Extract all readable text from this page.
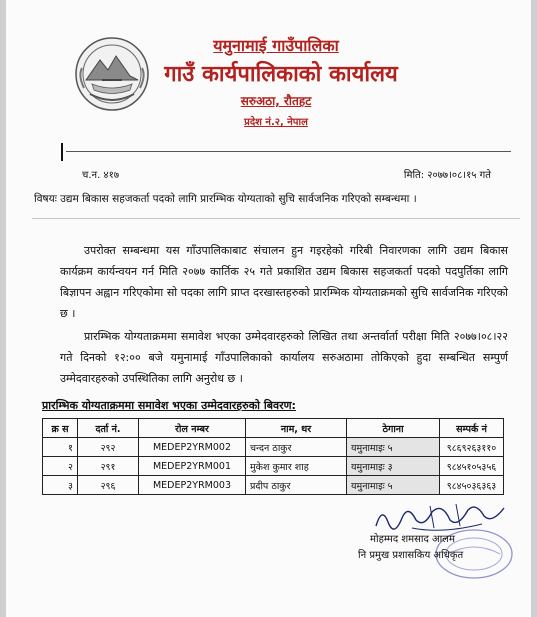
यमुनामाई गाउँपालिका
गाउँ कार्यपालिकाको कार्यालय
सरुअठा, रौतहट
प्रदेश नं.२, नेपाल
च.न. ४१७	मिति: २०७७।०८।१५ गते
विषयः उद्यम बिकास सहजकर्ता पदको लागि प्रारम्भिक योग्यताको सुचि सार्वजनिक गरिएको सम्बन्धमा ।

उपरोक्त सम्बन्धमा यस गाँउपालिकाबाट संचालन हुन गइरहेको गरिबी निवारणका लागि उद्यम बिकास कार्यक्रम कार्यन्वयन गर्न मिति २०७७ कार्तिक २५ गते प्रकाशित उद्यम बिकास सहजकर्ता पदको पदपुर्तिका लागि बिज्ञापन अह्वान गरिएकोमा सो पदका लागि प्राप्त दरखास्तहरुको प्रारम्भिक योग्यताक्रमको सुचि सार्वजनिक गरिएको छ ।

प्रारम्भिक योग्यताक्रममा समावेश भएका उम्मेदवारहरुको लिखित तथा अन्तर्वार्ता परीक्षा मिति २०७७।०८।२२ गते दिनको १२:०० बजे यमुनामाई गाँउपालिकाको कार्यालय सरुअठामा तोकिएको हुदा सम्बन्धित सम्पुर्ण उम्मेदवारहरुको उपस्थितिका लागि अनुरोध छ ।

प्रारम्भिक योग्यताक्रममा समावेश भएका उम्मेदवारहरुको बिवरण:
क्र स	दर्ता नं.	रोल नम्बर	नाम, थर	ठेगाना	सम्पर्क नं
१	२९२	MEDEP2YRM002	चन्दन ठाकुर	यमुनामाइः ५	९८६९२६३११०
२	२९१	MEDEP2YRM001	मुकेश कुमार शाह	यमुनामाइः ३	९८४५१०५३५६
३	२९६	MEDEP2YRM003	प्रदीप ठाकुर	यमुनामाइः ५	९८४५०३६३६३
मोहम्मद शमसाद आलम
नि प्रमुख प्रशासकिय अधिकृत
